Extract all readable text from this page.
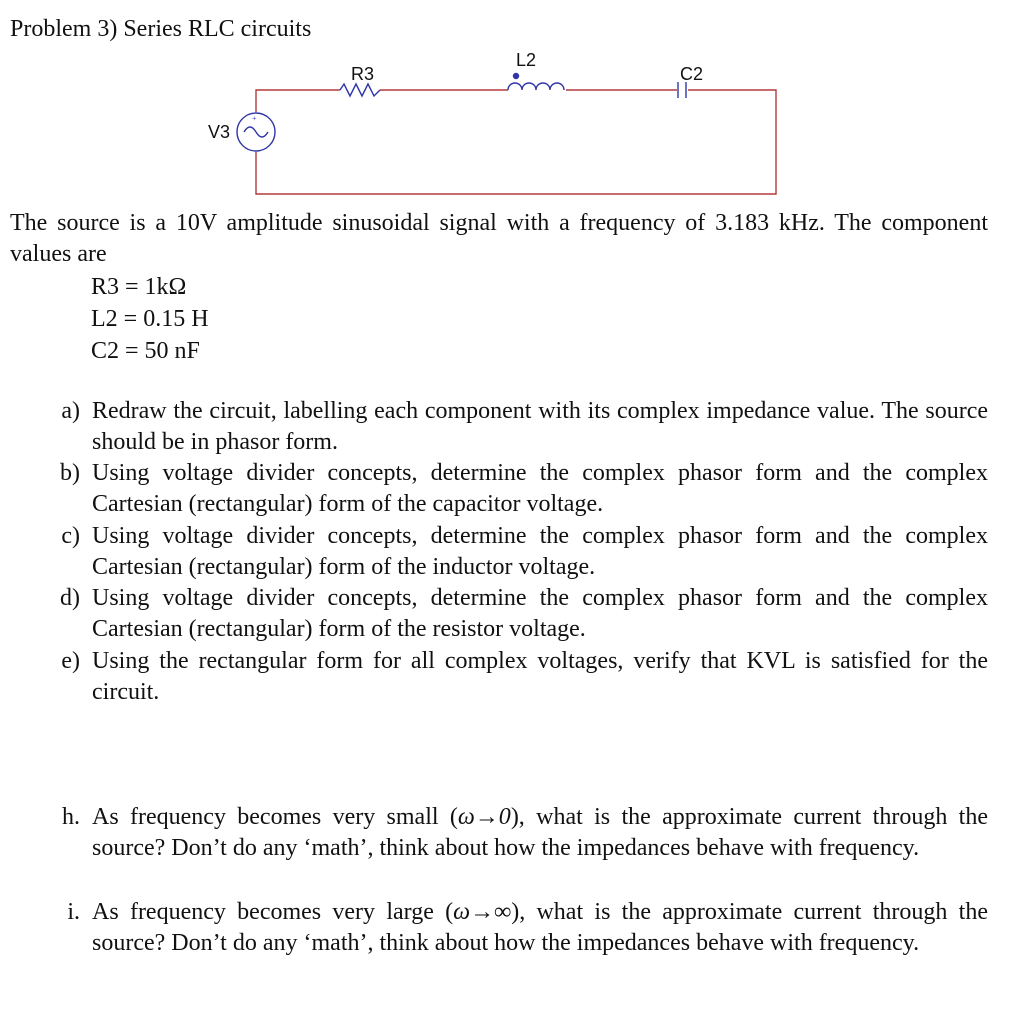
Problem 3) Series RLC circuits
+
R3
L2
C2
V3

The source is a 10V amplitude sinusoidal signal with a frequency of 3.183 kHz. The component values are

R3 = 1kΩ
L2 = 0.15 H
C2 = 50 nF
a) Redraw the circuit, labelling each component with its complex impedance value. The source should be in phasor form.
b) Using voltage divider concepts, determine the complex phasor form and the complex Cartesian (rectangular) form of the capacitor voltage.
c) Using voltage divider concepts, determine the complex phasor form and the complex Cartesian (rectangular) form of the inductor voltage.
d) Using voltage divider concepts, determine the complex phasor form and the complex Cartesian (rectangular) form of the resistor voltage.
e) Using the rectangular form for all complex voltages, verify that KVL is satisfied for the circuit.
h. As frequency becomes very small (ω→0), what is the approximate current through the source? Don’t do any ‘math’, think about how the impedances behave with frequency.
i. As frequency becomes very large (ω→∞), what is the approximate current through the source? Don’t do any ‘math’, think about how the impedances behave with frequency.
